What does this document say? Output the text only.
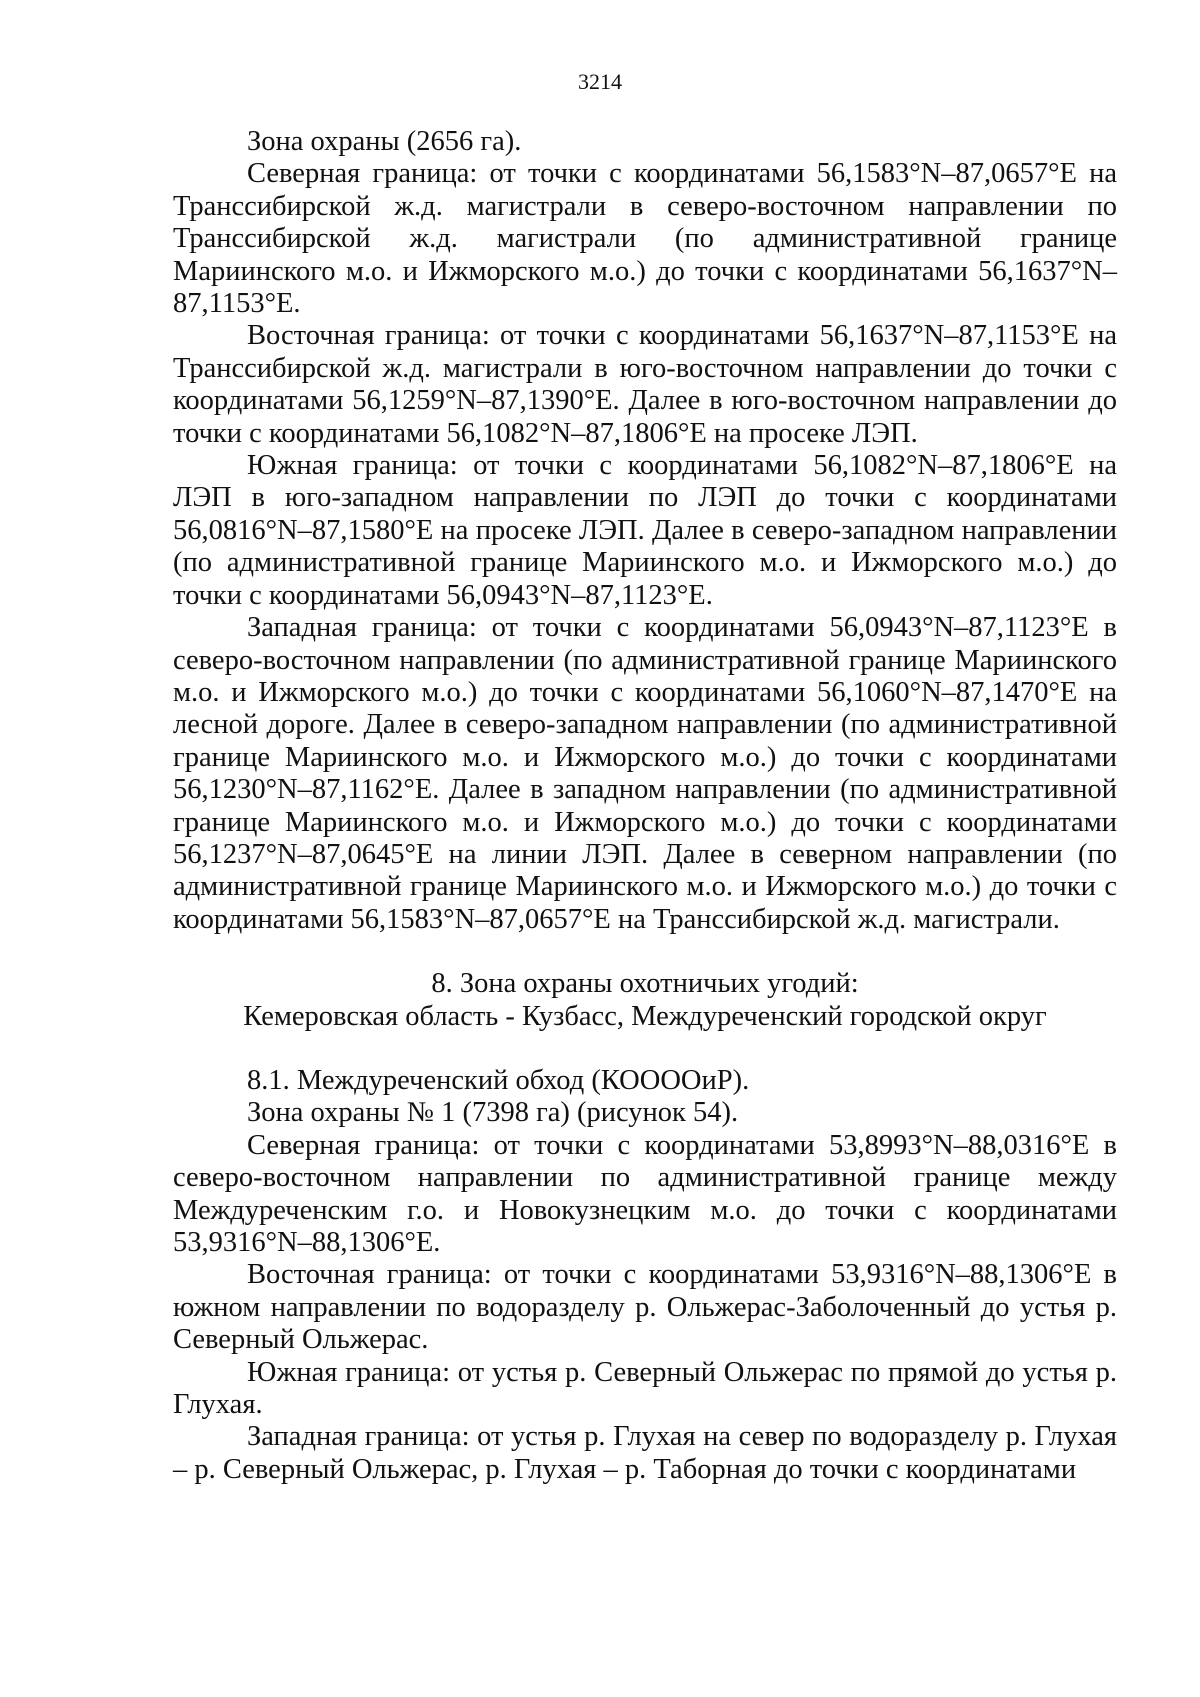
3214

Зона охраны (2656 га).

Северная граница: от точки с координатами 56,1583°N–87,0657°E на Транссибирской ж.д. магистрали в северо-восточном направлении по Транссибирской ж.д. магистрали (по административной границе Мариинского м.о. и Ижморского м.о.) до точки с координатами 56,1637°N–87,1153°E.

Восточная граница: от точки с координатами 56,1637°N–87,1153°E на Транссибирской ж.д. магистрали в юго-восточном направлении до точки с координатами 56,1259°N–87,1390°E. Далее в юго-восточном направлении до точки с координатами 56,1082°N–87,1806°E на просеке ЛЭП.

Южная граница: от точки с координатами 56,1082°N–87,1806°E на ЛЭП в юго-западном направлении по ЛЭП до точки с координатами 56,0816°N–87,1580°E на просеке ЛЭП. Далее в северо-западном направлении (по административной границе Мариинского м.о. и Ижморского м.о.) до точки с координатами 56,0943°N–87,1123°E.

Западная граница: от точки с координатами 56,0943°N–87,1123°E в северо-восточном направлении (по административной границе Мариинского м.о. и Ижморского м.о.) до точки с координатами 56,1060°N–87,1470°E на лесной дороге. Далее в северо-западном направлении (по административной границе Мариинского м.о. и Ижморского м.о.) до точки с координатами 56,1230°N–87,1162°E. Далее в западном направлении (по административной границе Мариинского м.о. и Ижморского м.о.) до точки с координатами 56,1237°N–87,0645°E на линии ЛЭП. Далее в северном направлении (по административной границе Мариинского м.о. и Ижморского м.о.) до точки с координатами 56,1583°N–87,0657°E на Транссибирской ж.д. магистрали.

8. Зона охраны охотничьих угодий:

Кемеровская область - Кузбасс, Междуреченский городской округ

8.1. Междуреченский обход (КООООиР).

Зона охраны № 1 (7398 га) (рисунок 54).

Северная граница: от точки с координатами 53,8993°N–88,0316°E в северо-восточном направлении по административной границе между Междуреченским г.о. и Новокузнецким м.о. до точки с координатами 53,9316°N–88,1306°E.

Восточная граница: от точки с координатами 53,9316°N–88,1306°E в южном направлении по водоразделу р. Ольжерас-Заболоченный до устья р. Северный Ольжерас.

Южная граница: от устья р. Северный Ольжерас по прямой до устья р. Глухая.

Западная граница: от устья р. Глухая на север по водоразделу р. Глухая – р. Северный Ольжерас, р. Глухая – р. Таборная до точки с координатами
